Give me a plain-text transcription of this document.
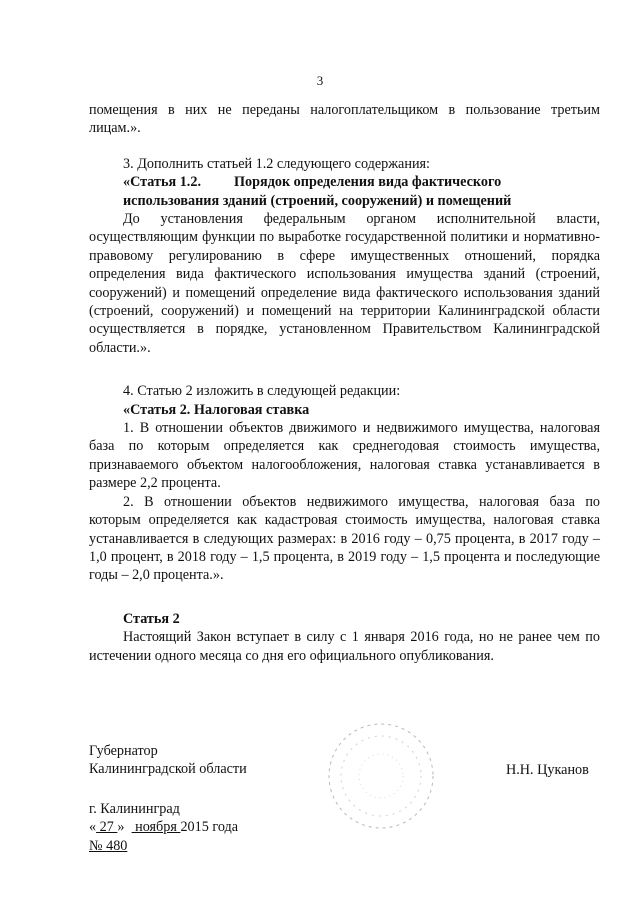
3

помещения в них не переданы налогоплательщиком в пользование третьим лицам.».

3. Дополнить статьей 1.2 следующего содержания:

«Статья 1.2. Порядок определения вида фактического
использования зданий (строений, сооружений) и помещений

До установления федеральным органом исполнительной власти, осуществляющим функции по выработке государственной политики и нормативно-правовому регулированию в сфере имущественных отношений, порядка определения вида фактического использования имущества зданий (строений, сооружений) и помещений определение вида фактического использования зданий (строений, сооружений) и помещений на территории Калининградской области осуществляется в порядке, установленном Правительством Калининградской области.».

4. Статью 2 изложить в следующей редакции:

«Статья 2. Налоговая ставка

1. В отношении объектов движимого и недвижимого имущества, налоговая база по которым определяется как среднегодовая стоимость имущества, признаваемого объектом налогообложения, налоговая ставка устанавливается в размере 2,2 процента.

2. В отношении объектов недвижимого имущества, налоговая база по которым определяется как кадастровая стоимость имущества, налоговая ставка устанавливается в следующих размерах: в 2016 году – 0,75 процента, в 2017 году – 1,0 процент, в 2018 году – 1,5 процента, в 2019 году – 1,5 процента и последующие годы – 2,0 процента.».

Статья 2

Настоящий Закон вступает в силу с 1 января 2016 года, но не ранее чем по истечении одного месяца со дня его официального опубликования.

Губернатор
Калининградской области	Н.Н. Цуканов
г. Калининград
« 27 »   ноября 2015 года
№ 480
